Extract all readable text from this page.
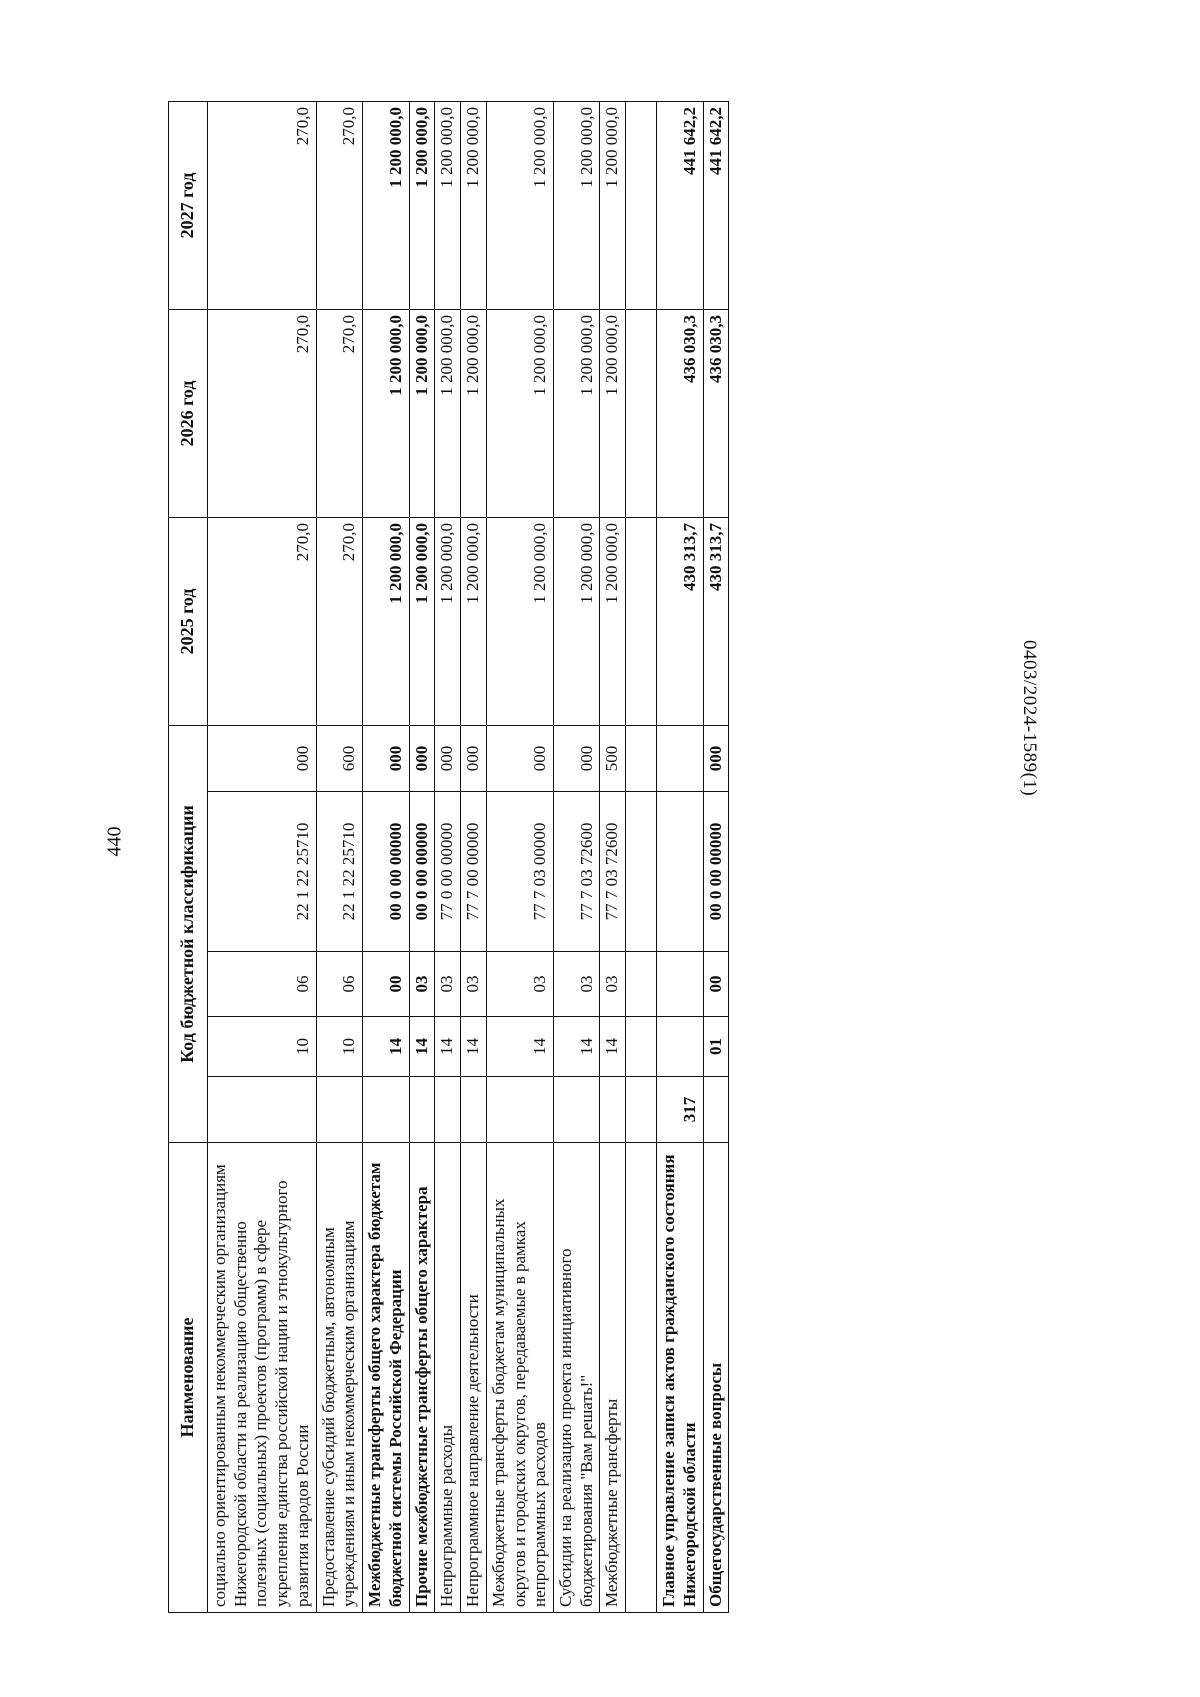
440
0403/2024-1589(1)
Наименование	Код бюджетной классификации					2025 год	2026 год	2027 год
социально ориентированным некоммерческим организациям Нижегородской области на реализацию общественно полезных (социальных) проектов (программ) в сфере укрепления единства российской нации и этнокультурного развития народов России		10	06	22 1 22 25710	000	270,0	270,0	270,0
Предоставление субсидий бюджетным, автономным учреждениям и иным некоммерческим организациям		10	06	22 1 22 25710	600	270,0	270,0	270,0
Межбюджетные трансферты общего характера бюджетам бюджетной системы Российской Федерации		14	00	00 0 00 00000	000	1 200 000,0	1 200 000,0	1 200 000,0
Прочие межбюджетные трансферты общего характера		14	03	00 0 00 00000	000	1 200 000,0	1 200 000,0	1 200 000,0
Непрограммные расходы		14	03	77 0 00 00000	000	1 200 000,0	1 200 000,0	1 200 000,0
Непрограммное направление деятельности		14	03	77 7 00 00000	000	1 200 000,0	1 200 000,0	1 200 000,0
Межбюджетные трансферты бюджетам муниципальных округов и городских округов, передаваемые в рамках непрограммных расходов		14	03	77 7 03 00000	000	1 200 000,0	1 200 000,0	1 200 000,0
Субсидии на реализацию проекта инициативного бюджетирования "Вам решать!"		14	03	77 7 03 72600	000	1 200 000,0	1 200 000,0	1 200 000,0
Межбюджетные трансферты		14	03	77 7 03 72600	500	1 200 000,0	1 200 000,0	1 200 000,0

Главное управление записи актов гражданского состояния Нижегородской области	317					430 313,7	436 030,3	441 642,2
Общегосударственные вопросы		01	00	00 0 00 00000	000	430 313,7	436 030,3	441 642,2
